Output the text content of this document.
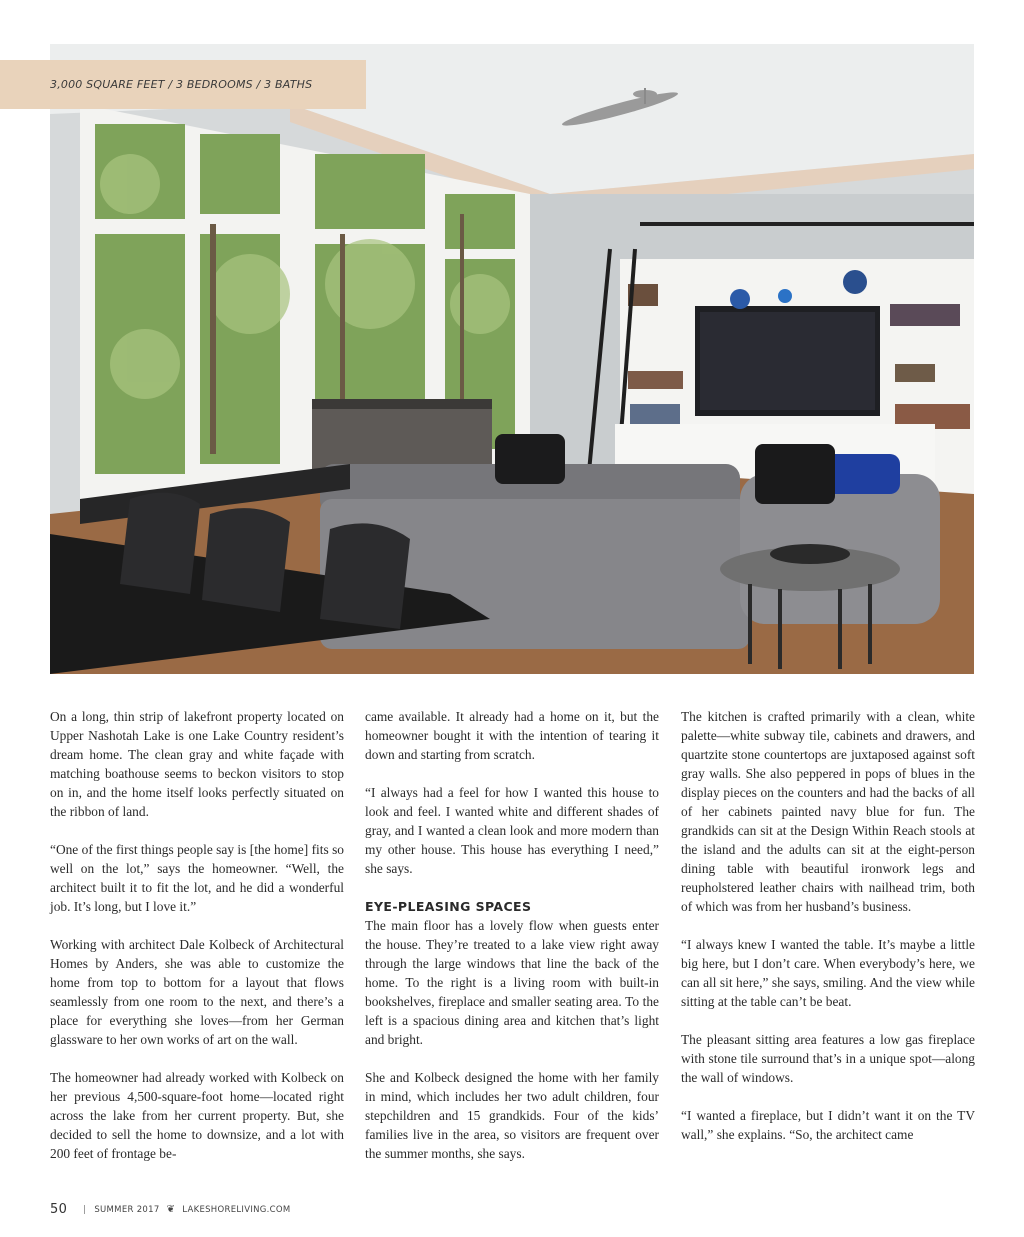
3,000 SQUARE FEET / 3 BEDROOMS / 3 BATHS

On a long, thin strip of lakefront property located on Upper Nashotah Lake is one Lake Country resident’s dream home. The clean gray and white façade with matching boathouse seems to beckon visitors to stop on in, and the home itself looks perfectly situated on the ribbon of land.

“One of the first things people say is [the home] fits so well on the lot,” says the homeowner. “Well, the architect built it to fit the lot, and he did a wonderful job. It’s long, but I love it.”

Working with architect Dale Kolbeck of Architectural Homes by Anders, she was able to customize the home from top to bottom for a layout that flows seamlessly from one room to the next, and there’s a place for everything she loves—from her German glassware to her own works of art on the wall.

The homeowner had already worked with Kolbeck on her previous 4,500-square-foot home—located right across the lake from her current property. But, she decided to sell the home to downsize, and a lot with 200 feet of frontage be-

came available. It already had a home on it, but the homeowner bought it with the intention of tearing it down and starting from scratch.

“I always had a feel for how I wanted this house to look and feel. I wanted white and different shades of gray, and I wanted a clean look and more modern than my other house. This house has everything I need,” she says.

EYE-PLEASING SPACES

The main floor has a lovely flow when guests enter the house. They’re treated to a lake view right away through the large windows that line the back of the home. To the right is a living room with built-in bookshelves, fireplace and smaller seating area. To the left is a spacious dining area and kitchen that’s light and bright.

She and Kolbeck designed the home with her family in mind, which includes her two adult children, four stepchildren and 15 grandkids. Four of the kids’ families live in the area, so visitors are frequent over the summer months, she says.

The kitchen is crafted primarily with a clean, white palette—white subway tile, cabinets and drawers, and quartzite stone countertops are juxtaposed against soft gray walls. She also peppered in pops of blues in the display pieces on the counters and had the backs of all of her cabinets painted navy blue for fun. The grandkids can sit at the Design Within Reach stools at the island and the adults can sit at the eight-person dining table with beautiful ironwork legs and reupholstered leather chairs with nailhead trim, both of which was from her husband’s business.

“I always knew I wanted the table. It’s maybe a little big here, but I don’t care. When everybody’s here, we can all sit here,” she says, smiling. And the view while sitting at the table can’t be beat.

The pleasant sitting area features a low gas fireplace with stone tile surround that’s in a unique spot—along the wall of windows.

“I wanted a fireplace, but I didn’t want it on the TV wall,” she explains. “So, the architect came

50 | SUMMER 2017 ❦ LAKESHORELIVING.COM
